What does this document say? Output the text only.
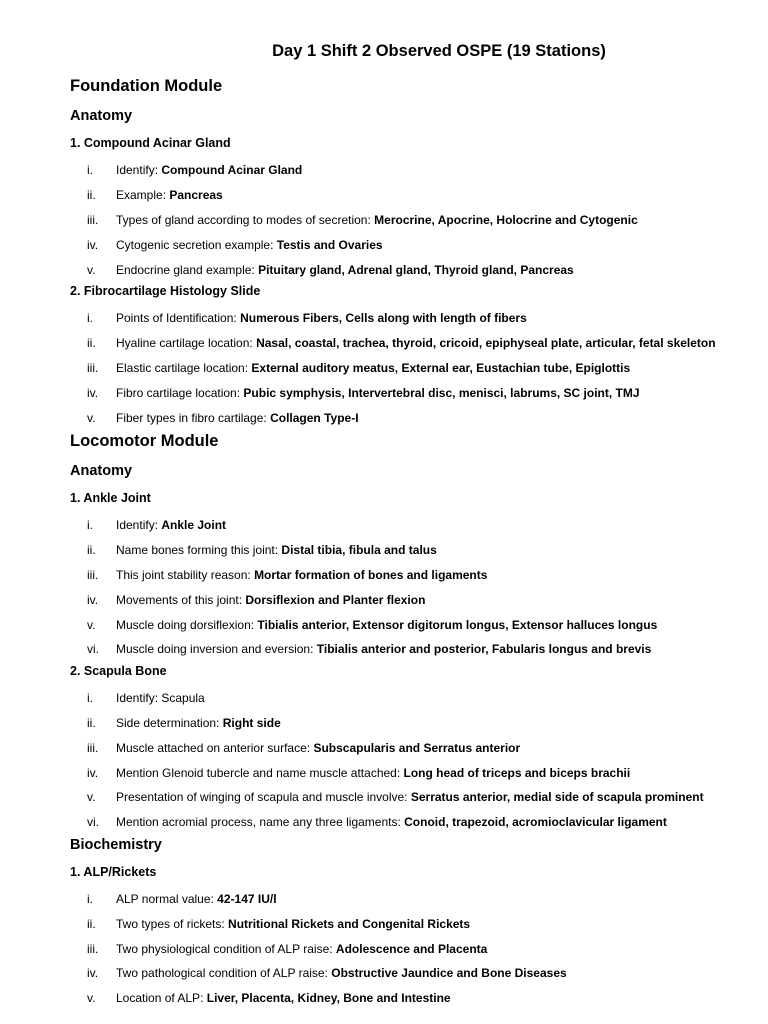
Day 1 Shift 2 Observed OSPE (19 Stations)
Foundation Module
Anatomy
1. Compound Acinar Gland
i.	Identify: Compound Acinar Gland
ii.	Example: Pancreas
iii.	Types of gland according to modes of secretion: Merocrine, Apocrine, Holocrine and Cytogenic
iv.	Cytogenic secretion example: Testis and Ovaries
v.	Endocrine gland example: Pituitary gland, Adrenal gland, Thyroid gland, Pancreas
2. Fibrocartilage Histology Slide
i.	Points of Identification: Numerous Fibers, Cells along with length of fibers
ii.	Hyaline cartilage location: Nasal, coastal, trachea, thyroid, cricoid, epiphyseal plate, articular, fetal skeleton
iii.	Elastic cartilage location: External auditory meatus, External ear, Eustachian tube, Epiglottis
iv.	Fibro cartilage location: Pubic symphysis, Intervertebral disc, menisci, labrums, SC joint, TMJ
v.	Fiber types in fibro cartilage: Collagen Type-I
Locomotor Module
Anatomy
1. Ankle Joint
i.	Identify: Ankle Joint
ii.	Name bones forming this joint: Distal tibia, fibula and talus
iii.	This joint stability reason: Mortar formation of bones and ligaments
iv.	Movements of this joint: Dorsiflexion and Planter flexion
v.	Muscle doing dorsiflexion: Tibialis anterior, Extensor digitorum longus, Extensor halluces longus
vi.	Muscle doing inversion and eversion: Tibialis anterior and posterior, Fabularis longus and brevis
2. Scapula Bone
i.	Identify: Scapula
ii.	Side determination: Right side
iii.	Muscle attached on anterior surface: Subscapularis and Serratus anterior
iv.	Mention Glenoid tubercle and name muscle attached: Long head of triceps and biceps brachii
v.	Presentation of winging of scapula and muscle involve: Serratus anterior, medial side of scapula prominent
vi.	Mention acromial process, name any three ligaments: Conoid, trapezoid, acromioclavicular ligament
Biochemistry
1. ALP/Rickets
i.	ALP normal value: 42-147 IU/l
ii.	Two types of rickets: Nutritional Rickets and Congenital Rickets
iii.	Two physiological condition of ALP raise: Adolescence and Placenta
iv.	Two pathological condition of ALP raise: Obstructive Jaundice and Bone Diseases
v.	Location of ALP: Liver, Placenta, Kidney, Bone and Intestine
